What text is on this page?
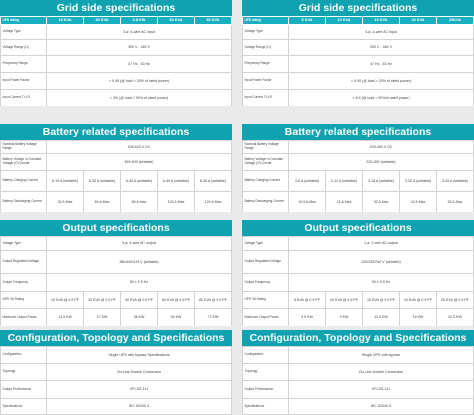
Grid side specifications
UPS rating	15 KVA	30 KVA	6.8 KW	60 KVA	80 KVA
Voltage Type	3-ø, 4-wire AC input				
Voltage Range (I-I)	300 V - 460 V				
Frequency Range	47 Hz - 63 Hz				
Input Power Factor	> 0.99 (@ load > 20% of rated power)				
Input Current T.H.D	< 3% (@ load > 50% of rated power)				
Grid side specifications
UPS rating	5 KVA	10 KVA	15 KVA	20 KVA	25KVA
Voltage Type	3-ø, 4-wire AC input				
Voltage Range (I-I)	300 V - 460 V				
Frequency Range	47 Hz - 63 Hz				
Input Power Factor	> 0.99 (@ load > 20% of rated power)				
Input Current T.H.D	< 4% (@ load > 50%of rated power)				
Battery related specifications
Nominal Battery Voltage Range	408-624 V DC				
Battery Voltage in Constant Voltage (CV) mode	459-699 (settable)				
Battery Charging Current	6-15 A (settable)	6-30 A (settable)	6-40 A (settable)	6-40 A (settable)	6-40 A (settable)
Battery Discharging Current	30 A Max	60 A Max	80 A Max	100 A Max	120 A Max
Battery related specifications
Nominal Battery Voltage Range	209-450 V DC				
Battery Voltage in Constant Voltage (CV) mode	220-500 (settable)				
Battery Charging Current	3-6 A (settable)	3-12 A (settable)	3-18 A (settable)	3-20 A (settable)	3-25 A (settable)
Battery Discharging Current	10.6 A Max	21 A Max	32 A Max	42 A Max	53 A Max
Output specifications
Voltage Type	3-ø, 4-wire AC output				
Output Regulated Voltage	380/400/415 V (settable)				
Output Frequency	50 ± 0.5 Hz				
UPS VA Rating	15 KVA @ 0.9 PF	30 KVA @ 0.9 PF	40 KVA @ 0.9 PF	60 KVA @ 0.9 PF	80 KVA @ 0.9 PF
Maximum Output Power	13.5 KW	27 KW	36 KW	54 KW	72 KW
Output specifications
Voltage Type	1-ø, 2-wire AC output				
Output Regulated Voltage	220/230/240 V (settable)				
Output Frequency	50 ± 0.5 Hz				
UPS VA Rating	5 KVA @ 0.9 PF	10 KVA @ 0.9 PF	15 KVA @ 0.9 PF	20 KVA @ 0.9 PF	25 KVA @ 0.9 PF
Maximum Output Power	4.5 KW	9 KW	13.5 KW	18 KW	22.5 KW
Configuration, Topology and Specifications
Configuration	Single UPS with bypass Specifications
Topology	On-Line Double Conversion
Output Performance	VFI-SS-111
Specifications	IEC 62040-3
Configuration, Topology and Specifications
Configuration	Single UPS with bypass
Topology	On-Line Double Conversion
Output Performance	VFI-SS-111
Specifications	IEC 62040-3
